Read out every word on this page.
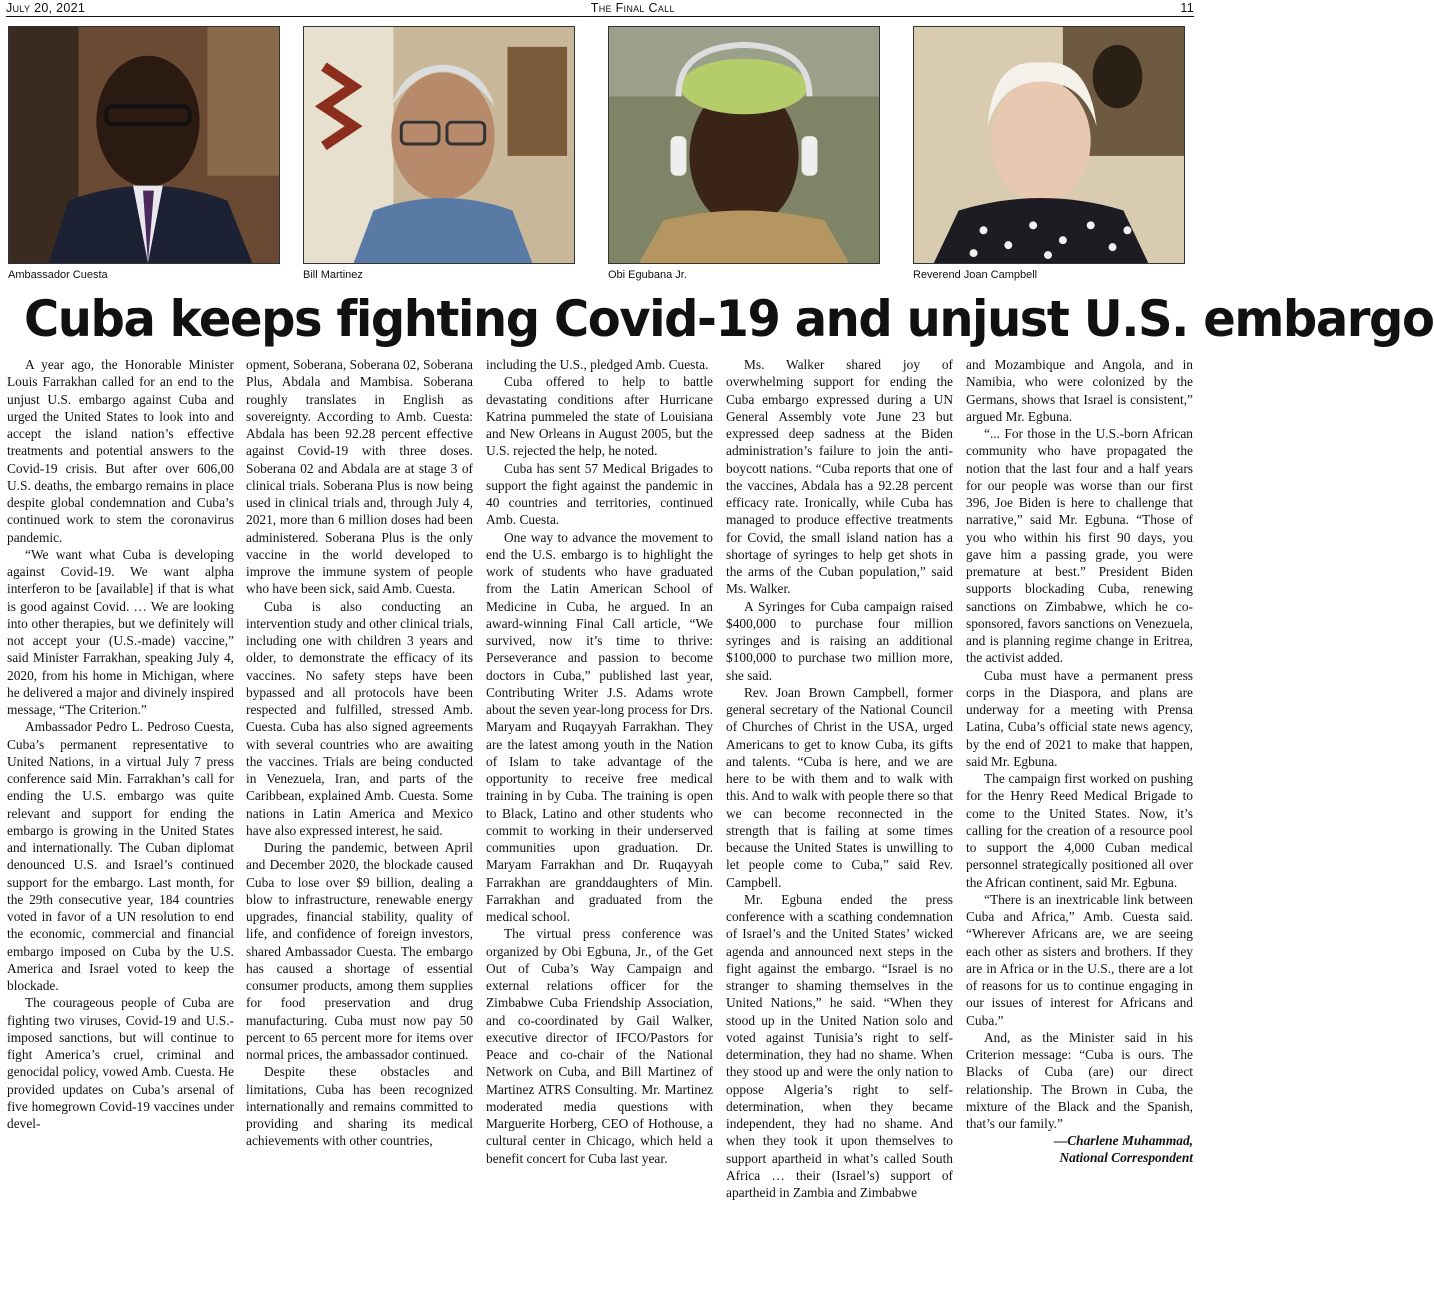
July 20, 2021	The Final Call	11
Ambassador Cuesta	Bill Martinez	Obi Egubana Jr.	Reverend Joan Campbell
Cuba keeps fighting Covid-19 and unjust U.S. embargo

A year ago, the Honorable Minister Louis Farrakhan called for an end to the unjust U.S. embargo against Cuba and urged the United States to look into and accept the island nation’s effective treatments and potential answers to the Covid-19 crisis. But after over 606,00 U.S. deaths, the embargo remains in place despite global condemnation and Cuba’s continued work to stem the coronavirus pandemic.

“We want what Cuba is developing against Covid-19. We want alpha interferon to be [available] if that is what is good against Covid. … We are looking into other therapies, but we definitely will not accept your (U.S.-made) vaccine,” said Minister Farrakhan, speaking July 4, 2020, from his home in Michigan, where he delivered a major and divinely inspired message, “The Criterion.”

Ambassador Pedro L. Pedroso Cuesta, Cuba’s permanent representative to United Nations, in a virtual July 7 press conference said Min. Farrakhan’s call for ending the U.S. embargo was quite relevant and support for ending the embargo is growing in the United States and internationally. The Cuban diplomat denounced U.S. and Israel’s continued support for the embargo. Last month, for the 29th consecutive year, 184 countries voted in favor of a UN resolution to end the economic, commercial and financial embargo imposed on Cuba by the U.S. America and Israel voted to keep the blockade.

The courageous people of Cuba are fighting two viruses, Covid-19 and U.S.-imposed sanctions, but will continue to fight America’s cruel, criminal and genocidal policy, vowed Amb. Cuesta. He provided updates on Cuba’s arsenal of five homegrown Covid-19 vaccines under devel-

opment, Soberana, Soberana 02, Soberana Plus, Abdala and Mambisa. Soberana roughly translates in English as sovereignty. According to Amb. Cuesta: Abdala has been 92.28 percent effective against Covid-19 with three doses. Soberana 02 and Abdala are at stage 3 of clinical trials. Soberana Plus is now being used in clinical trials and, through July 4, 2021, more than 6 million doses had been administered. Soberana Plus is the only vaccine in the world developed to improve the immune system of people who have been sick, said Amb. Cuesta.

Cuba is also conducting an intervention study and other clinical trials, including one with children 3 years and older, to demonstrate the efficacy of its vaccines. No safety steps have been bypassed and all protocols have been respected and fulfilled, stressed Amb. Cuesta. Cuba has also signed agreements with several countries who are awaiting the vaccines. Trials are being conducted in Venezuela, Iran, and parts of the Caribbean, explained Amb. Cuesta. Some nations in Latin America and Mexico have also expressed interest, he said.

During the pandemic, between April and December 2020, the blockade caused Cuba to lose over $9 billion, dealing a blow to infrastructure, renewable energy upgrades, financial stability, quality of life, and confidence of foreign investors, shared Ambassador Cuesta. The embargo has caused a shortage of essential consumer products, among them supplies for food preservation and drug manufacturing. Cuba must now pay 50 percent to 65 percent more for items over normal prices, the ambassador continued.

Despite these obstacles and limitations, Cuba has been recognized internationally and remains committed to providing and sharing its medical achievements with other countries,

including the U.S., pledged Amb. Cuesta.

Cuba offered to help to battle devastating conditions after Hurricane Katrina pummeled the state of Louisiana and New Orleans in August 2005, but the U.S. rejected the help, he noted.

Cuba has sent 57 Medical Brigades to support the fight against the pandemic in 40 countries and territories, continued Amb. Cuesta.

One way to advance the movement to end the U.S. embargo is to highlight the work of students who have graduated from the Latin American School of Medicine in Cuba, he argued. In an award-winning Final Call article, “We survived, now it’s time to thrive: Perseverance and passion to become doctors in Cuba,” published last year, Contributing Writer J.S. Adams wrote about the seven year-long process for Drs. Maryam and Ruqayyah Farrakhan. They are the latest among youth in the Nation of Islam to take advantage of the opportunity to receive free medical training in by Cuba. The training is open to Black, Latino and other students who commit to working in their underserved communities upon graduation. Dr. Maryam Farrakhan and Dr. Ruqayyah Farrakhan are granddaughters of Min. Farrakhan and graduated from the medical school.

The virtual press conference was organized by Obi Egbuna, Jr., of the Get Out of Cuba’s Way Campaign and external relations officer for the Zimbabwe Cuba Friendship Association, and co-coordinated by Gail Walker, executive director of IFCO/Pastors for Peace and co-chair of the National Network on Cuba, and Bill Martinez of Martinez ATRS Consulting. Mr. Martinez moderated media questions with Marguerite Horberg, CEO of Hothouse, a cultural center in Chicago, which held a benefit concert for Cuba last year.

Ms. Walker shared joy of overwhelming support for ending the Cuba embargo expressed during a UN General Assembly vote June 23 but expressed deep sadness at the Biden administration’s failure to join the anti-boycott nations. “Cuba reports that one of the vaccines, Abdala has a 92.28 percent efficacy rate. Ironically, while Cuba has managed to produce effective treatments for Covid, the small island nation has a shortage of syringes to help get shots in the arms of the Cuban population,” said Ms. Walker.

A Syringes for Cuba campaign raised $400,000 to purchase four million syringes and is raising an additional $100,000 to purchase two million more, she said.

Rev. Joan Brown Campbell, former general secretary of the National Council of Churches of Christ in the USA, urged Americans to get to know Cuba, its gifts and talents. “Cuba is here, and we are here to be with them and to walk with this. And to walk with people there so that we can become reconnected in the strength that is failing at some times because the United States is unwilling to let people come to Cuba,” said Rev. Campbell.

Mr. Egbuna ended the press conference with a scathing condemnation of Israel’s and the United States’ wicked agenda and announced next steps in the fight against the embargo. “Israel is no stranger to shaming themselves in the United Nations,” he said. “When they stood up in the United Nation solo and voted against Tunisia’s right to self-determination, they had no shame. When they stood up and were the only nation to oppose Algeria’s right to self-determination, when they became independent, they had no shame. And when they took it upon themselves to support apartheid in what’s called South Africa … their (Israel’s) support of apartheid in Zambia and Zimbabwe

and Mozambique and Angola, and in Namibia, who were colonized by the Germans, shows that Israel is consistent,” argued Mr. Egbuna.

“... For those in the U.S.-born African community who have propagated the notion that the last four and a half years for our people was worse than our first 396, Joe Biden is here to challenge that narrative,” said Mr. Egbuna. “Those of you who within his first 90 days, you gave him a passing grade, you were premature at best.” President Biden supports blockading Cuba, renewing sanctions on Zimbabwe, which he co-sponsored, favors sanctions on Venezuela, and is planning regime change in Eritrea, the activist added.

Cuba must have a permanent press corps in the Diaspora, and plans are underway for a meeting with Prensa Latina, Cuba’s official state news agency, by the end of 2021 to make that happen, said Mr. Egbuna.

The campaign first worked on pushing for the Henry Reed Medical Brigade to come to the United States. Now, it’s calling for the creation of a resource pool to support the 4,000 Cuban medical personnel strategically positioned all over the African continent, said Mr. Egbuna.

“There is an inextricable link between Cuba and Africa,” Amb. Cuesta said. “Wherever Africans are, we are seeing each other as sisters and brothers. If they are in Africa or in the U.S., there are a lot of reasons for us to continue engaging in our issues of interest for Africans and Cuba.”

And, as the Minister said in his Criterion message: “Cuba is ours. The Blacks of Cuba (are) our direct relationship. The Brown in Cuba, the mixture of the Black and the Spanish, that’s our family.”

—Charlene Muhammad,

National Correspondent
